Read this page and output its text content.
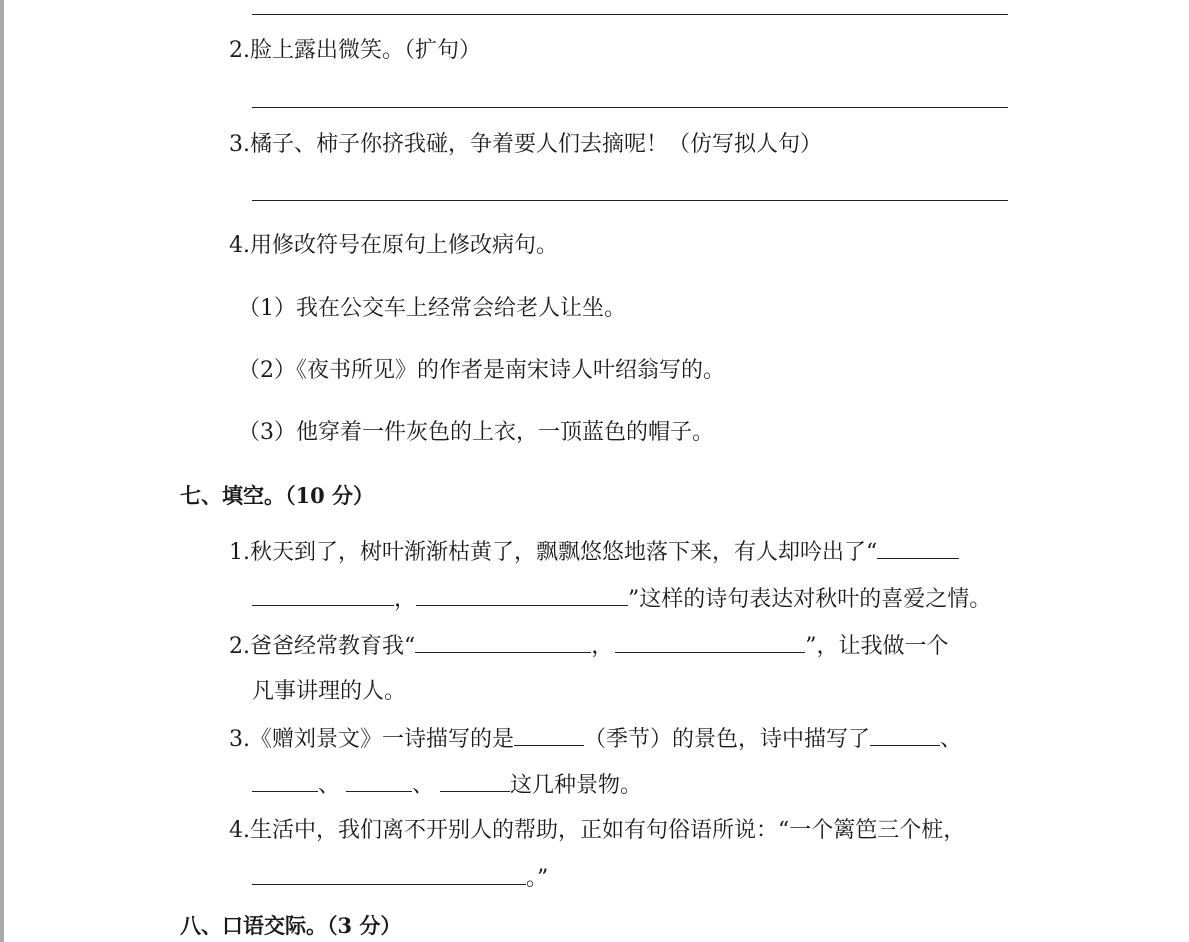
2.脸上露出微笑。（扩句）
3.橘子、柿子你挤我碰，争着要人们去摘呢！（仿写拟人句）
4.用修改符号在原句上修改病句。
（1）我在公交车上经常会给老人让坐。
（2）《夜书所见》的作者是南宋诗人叶绍翁写的。
（3）他穿着一件灰色的上衣，一顶蓝色的帽子。
七、填空。（10 分）
1.秋天到了，树叶渐渐枯黄了，飘飘悠悠地落下来，有人却吟出了“
，	”这样的诗句表达对秋叶的喜爱之情。
2.爸爸经常教育我“	，	”，让我做一个
凡事讲理的人。
3.《赠刘景文》一诗描写的是	（季节）的景色，诗中描写了	、
、	、	这几种景物。
4.生活中，我们离不开别人的帮助，正如有句俗语所说：“一个篱笆三个桩，
。”
八、口语交际。（3 分）
